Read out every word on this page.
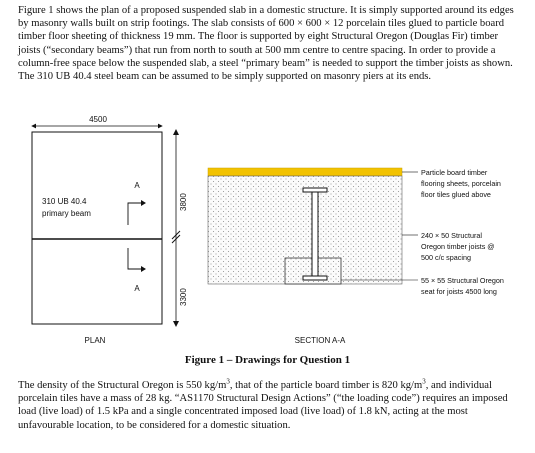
Figure 1 shows the plan of a proposed suspended slab in a domestic structure. It is simply supported around its edges by masonry walls built on strip footings. The slab consists of 600 × 600 × 12 porcelain tiles glued to particle board timber floor sheeting of thickness 19 mm. The floor is supported by eight Structural Oregon (Douglas Fir) timber joists (“secondary beams”) that run from north to south at 500 mm centre to centre spacing. In order to provide a column-free space below the suspended slab, a steel “primary beam” is needed to support the timber joists as shown. The 310 UB 40.4 steel beam can be assumed to be simply supported on masonry piers at its ends.
4500
310 UB 40.4
primary beam
A
A
3800
3300
PLAN
Particle board timber
flooring sheets, porcelain
floor tiles glued above
240 × 50 Structural
Oregon timber joists @
500 c/c spacing
55 × 55 Structural Oregon
seat for joists 4500 long
SECTION A-A
Figure 1 – Drawings for Question 1
The density of the Structural Oregon is 550 $kg/m^3$, that of the particle board timber is 820 $kg/m^3$, and individual porcelain tiles have a mass of 28 kg. “AS1170 Structural Design Actions” (“the loading code”) requires an imposed load (live load) of 1.5 kPa and a single concentrated imposed load (live load) of 1.8 kN, acting at the most unfavourable location, to be considered for a domestic situation.
